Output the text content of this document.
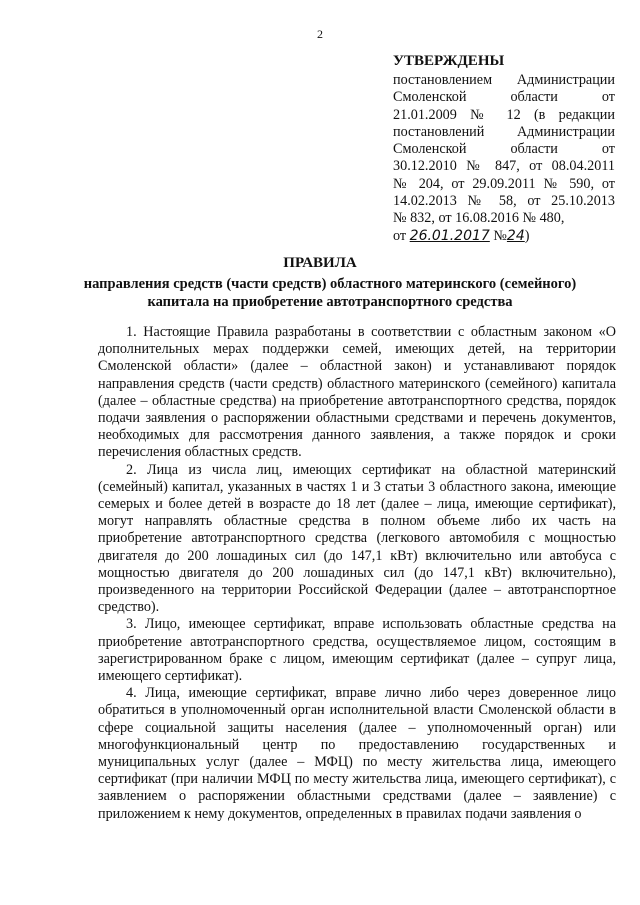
2
УТВЕРЖДЕНЫ
постановлением Администрации
Смоленской области от
21.01.2009 № 12 (в редакции
постановлений Администрации
Смоленской области от
30.12.2010 № 847, от 08.04.2011
№ 204, от 29.09.2011 № 590, от
14.02.2013 № 58, от 25.10.2013
№ 832, от 16.08.2016 № 480,
от 26.01.2017 №24)
ПРАВИЛА
направления средств (части средств) областного материнского (семейного) капитала на приобретение автотранспортного средства

1. Настоящие Правила разработаны в соответствии с областным законом «О дополнительных мерах поддержки семей, имеющих детей, на территории Смоленской области» (далее – областной закон) и устанавливают порядок направления средств (части средств) областного материнского (семейного) капитала (далее – областные средства) на приобретение автотранспортного средства, порядок подачи заявления о распоряжении областными средствами и перечень документов, необходимых для рассмотрения данного заявления, а также порядок и сроки перечисления областных средств.

2. Лица из числа лиц, имеющих сертификат на областной материнский (семейный) капитал, указанных в частях 1 и 3 статьи 3 областного закона, имеющие семерых и более детей в возрасте до 18 лет (далее – лица, имеющие сертификат), могут направлять областные средства в полном объеме либо их часть на приобретение автотранспортного средства (легкового автомобиля с мощностью двигателя до 200 лошадиных сил (до 147,1 кВт) включительно или автобуса с мощностью двигателя до 200 лошадиных сил (до 147,1 кВт) включительно), произведенного на территории Российской Федерации (далее – автотранспортное средство).

3. Лицо, имеющее сертификат, вправе использовать областные средства на приобретение автотранспортного средства, осуществляемое лицом, состоящим в зарегистрированном браке с лицом, имеющим сертификат (далее – супруг лица, имеющего сертификат).

4. Лица, имеющие сертификат, вправе лично либо через доверенное лицо обратиться в уполномоченный орган исполнительной власти Смоленской области в сфере социальной защиты населения (далее – уполномоченный орган) или многофункциональный центр по предоставлению государственных и муниципальных услуг (далее – МФЦ) по месту жительства лица, имеющего сертификат (при наличии МФЦ по месту жительства лица, имеющего сертификат), с заявлением о распоряжении областными средствами (далее – заявление) с приложением к нему документов, определенных в правилах подачи заявления о
